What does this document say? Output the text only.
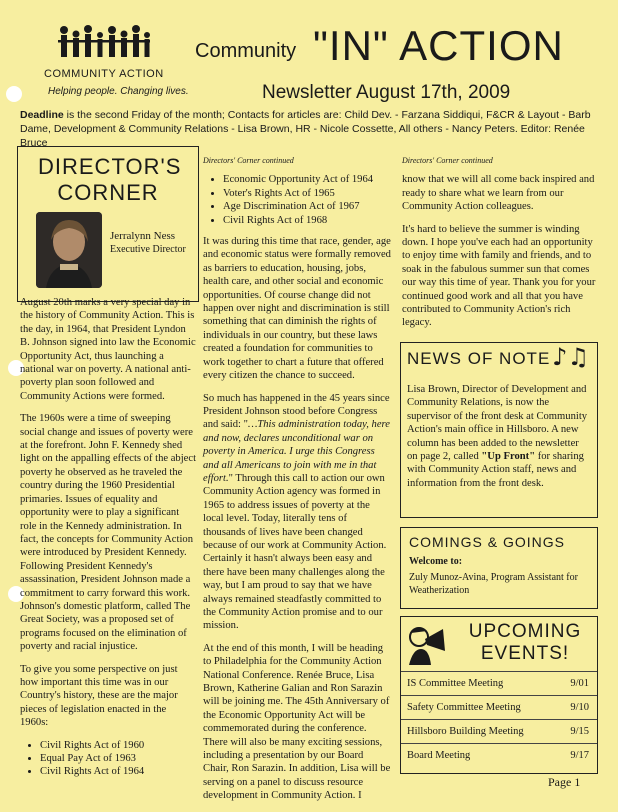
COMMUNITY ACTION
Helping people. Changing lives.
Community "IN" ACTION
Newsletter August 17th, 2009
Deadline is the second Friday of the month; Contacts for articles are: Child Dev. - Farzana Siddiqui, F&CR & Layout - Barb Dame, Development & Community Relations - Lisa Brown, HR - Nicole Cossette, All others - Nancy Peters. Editor: Renée Bruce
DIRECTOR'S CORNER
Jerralynn Ness
Executive Director

August 20th marks a very special day in the history of Community Action. This is the day, in 1964, that President Lyndon B. Johnson signed into law the Economic Opportunity Act, thus launching a national war on poverty. A national anti-poverty plan soon followed and Community Actions were formed.

The 1960s were a time of sweeping social change and issues of poverty were at the forefront. John F. Kennedy shed light on the appalling effects of the abject poverty he observed as he traveled the country during the 1960 Presidential primaries. Issues of equality and opportunity were to play a significant role in the Kennedy administration. In fact, the concepts for Community Action were introduced by President Kennedy. Following President Kennedy's assassination, President Johnson made a commitment to carry forward this work. Johnson's domestic platform, called The Great Society, was a proposed set of programs focused on the elimination of poverty and racial injustice.

To give you some perspective on just how important this time was in our Country's history, these are the major pieces of legislation enacted in the 1960s:

• Civil Rights Act of 1960
• Equal Pay Act of 1963
• Civil Rights Act of 1964
Directors' Corner continued
• Economic Opportunity Act of 1964
• Voter's Rights Act of 1965
• Age Discrimination Act of 1967
• Civil Rights Act of 1968

It was during this time that race, gender, age and economic status were formally removed as barriers to education, housing, jobs, health care, and other social and economic opportunities. Of course change did not happen over night and discrimination is still something that can diminish the rights of individuals in our country, but these laws created a foundation for communities to work together to chart a future that offered every citizen the chance to succeed.

So much has happened in the 45 years since President Johnson stood before Congress and said: "…This administration today, here and now, declares unconditional war on poverty in America. I urge this Congress and all Americans to join with me in that effort." Through this call to action our own Community Action agency was formed in 1965 to address issues of poverty at the local level. Today, literally tens of thousands of lives have been changed because of our work at Community Action. Certainly it hasn't always been easy and there have been many challenges along the way, but I am proud to say that we have always remained steadfastly committed to the Community Action promise and to our mission.

At the end of this month, I will be heading to Philadelphia for the Community Action National Conference. Renée Bruce, Lisa Brown, Katherine Galian and Ron Sarazin will be joining me. The 45th Anniversary of the Economic Opportunity Act will be commemorated during the conference. There will also be many exciting sessions, including a presentation by our Board Chair, Ron Sarazin. In addition, Lisa will be serving on a panel to discuss resource development in Community Action. I

Directors' Corner continued

know that we will all come back inspired and ready to share what we learn from our Community Action colleagues.

It's hard to believe the summer is winding down. I hope you've each had an opportunity to enjoy time with family and friends, and to soak in the fabulous summer sun that comes our way this time of year. Thank you for your continued good work and all that you have contributed to Community Action's rich legacy.

NEWS OF NOTE ♪♫
Lisa Brown, Director of Development and Community Relations, is now the supervisor of the front desk at Community Action's main office in Hillsboro. A new column has been added to the newsletter on page 2, called "Up Front" for sharing with Community Action staff, news and information from the front desk.
COMINGS & GOINGS
Welcome to:
Zuly Munoz-Avina, Program Assistant for Weatherization
UPCOMING
EVENTS!
IS Committee Meeting	9/01
Safety Committee Meeting	9/10
Hillsboro Building Meeting	9/15
Board Meeting	9/17
Page 1
